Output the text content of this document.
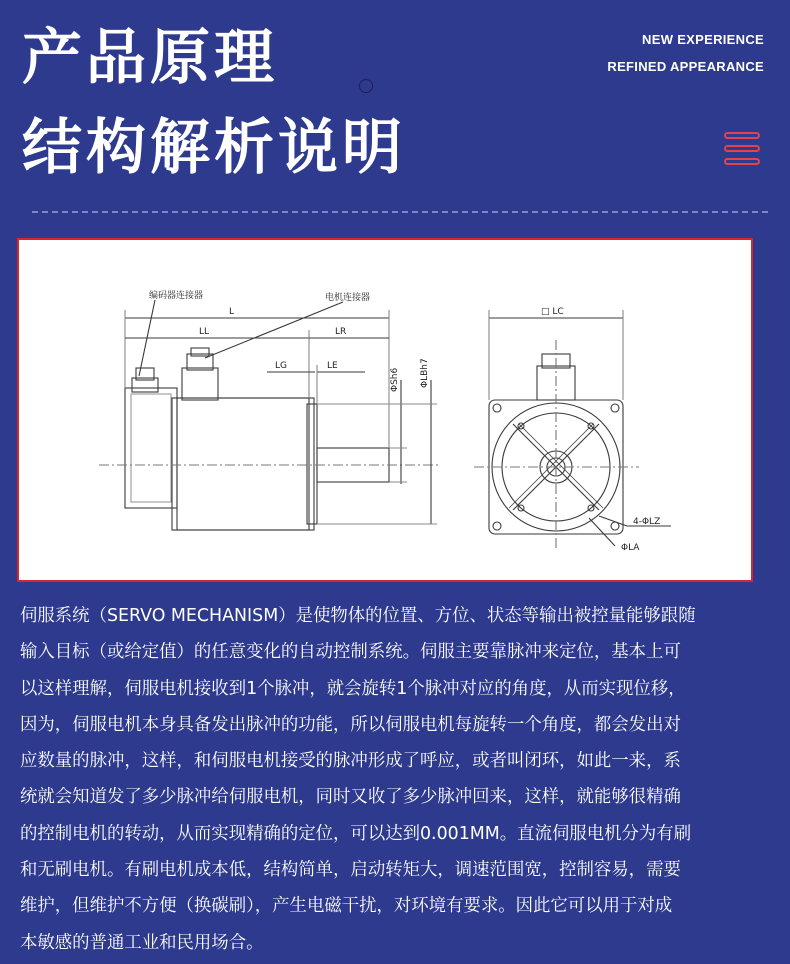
产品原理
结构解析说明
NEW EXPERIENCE
REFINED APPEARANCE
编码器连接器	电机连接器
L
LL	LR
LG	LE
ΦSh6 ΦLBh7
□ LC
4-ΦLZ
ΦLA
伺服系统（SERVO MECHANISM）是使物体的位置、方位、状态等输出被控量能够跟随
输入目标（或给定值）的任意变化的自动控制系统。伺服主要靠脉冲来定位，基本上可
以这样理解，伺服电机接收到1个脉冲，就会旋转1个脉冲对应的角度，从而实现位移，
因为，伺服电机本身具备发出脉冲的功能，所以伺服电机每旋转一个角度，都会发出对
应数量的脉冲，这样，和伺服电机接受的脉冲形成了呼应，或者叫闭环，如此一来，系
统就会知道发了多少脉冲给伺服电机，同时又收了多少脉冲回来，这样，就能够很精确
的控制电机的转动，从而实现精确的定位，可以达到0.001MM。直流伺服电机分为有刷
和无刷电机。有刷电机成本低，结构简单，启动转矩大，调速范围宽，控制容易，需要
维护，但维护不方便（换碳刷），产生电磁干扰，对环境有要求。因此它可以用于对成
本敏感的普通工业和民用场合。
